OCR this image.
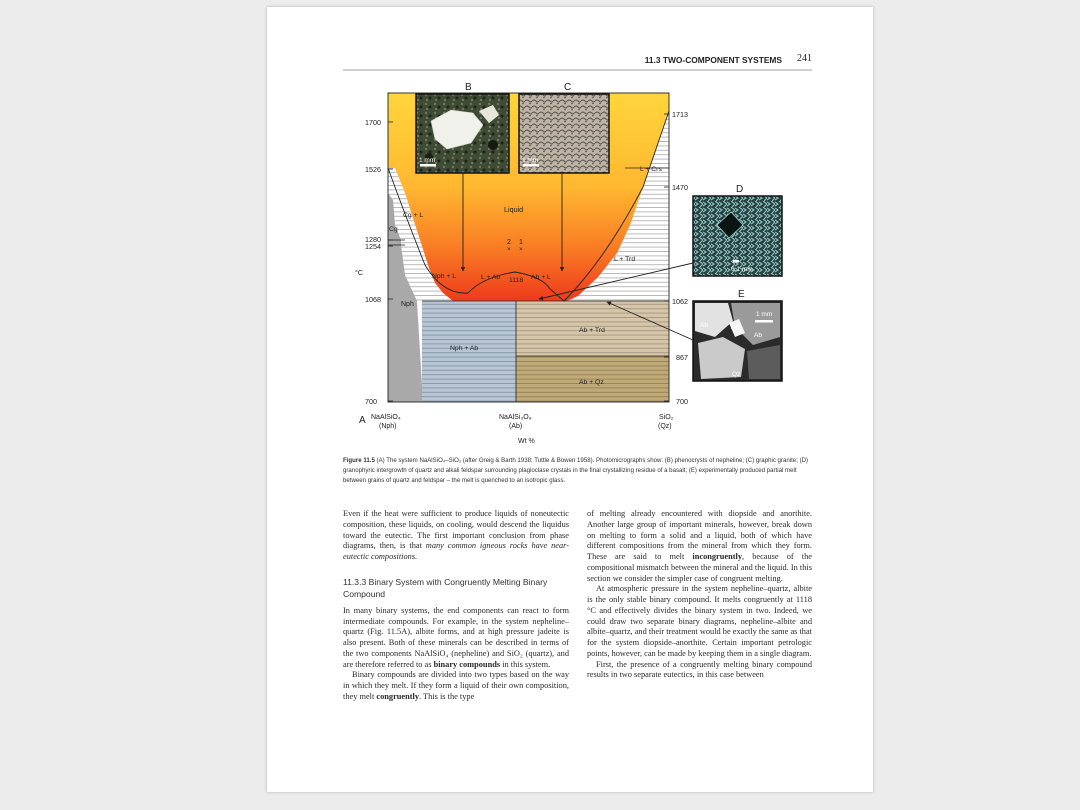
11.3 TWO-COMPONENT SYSTEMS 241
1700
1526
1280
1254
°C
1068
700
1713
1470
1062
867
700
Liquid
L + Crs
L + Trd
Cg + L
Cg
Nph + L	L + Ab 1118 Ab + L
Nph
Nph + Ab
Ab + Trd
Ab + Qz
2 1
× ×
A NaAlSiO₄
(Nph)
NaAlSi₃O₈
(Ab)
SiO₂
(Qz)
Wt %
B
1 mm
C
1 mm
D
0.1 mm
E
1 mm
Ab	Ab
Ab
Qz
Figure 11.5 (A) The system NaAlSiO₄–SiO₂ (after Greig & Barth 1938; Tuttle & Bowen 1958). Photomicrographs show: (B) phenocrysts of nepheline; (C) graphic granite; (D) granophyric intergrowth of quartz and alkali feldspar surrounding plagioclase crystals in the final crystallizing residue of a basalt; (E) experimentally produced partial melt between grains of quartz and feldspar – the melt is quenched to an isotropic glass.

Even if the heat were sufficient to produce liquids of noneutectic composition, these liquids, on cooling, would descend the liquidus toward the eutectic. The first important conclusion from phase diagrams, then, is that many common igneous rocks have near-eutectic compositions.

11.3.3 Binary System with Congruently Melting Binary Compound

In many binary systems, the end components can react to form intermediate compounds. For example, in the system nepheline–quartz (Fig. 11.5A), albite forms, and at high pressure jadeite is also present. Both of these minerals can be described in terms of the two components NaAlSiO₄ (nepheline) and SiO₂ (quartz), and are therefore referred to as binary compounds in this system.

Binary compounds are divided into two types based on the way in which they melt. If they form a liquid of their own composition, they melt congruently. This is the type

of melting already encountered with diopside and anorthite. Another large group of important minerals, however, break down on melting to form a solid and a liquid, both of which have different compositions from the mineral from which they form. These are said to melt incongruently, because of the compositional mismatch between the mineral and the liquid. In this section we consider the simpler case of congruent melting.

At atmospheric pressure in the system nepheline–quartz, albite is the only stable binary compound. It melts congruently at 1118 °C and effectively divides the binary system in two. Indeed, we could draw two separate binary diagrams, nepheline–albite and albite–quartz, and their treatment would be exactly the same as that for the system diopside–anorthite. Certain important petrologic points, however, can be made by keeping them in a single diagram.

First, the presence of a congruently melting binary compound results in two separate eutectics, in this case between
